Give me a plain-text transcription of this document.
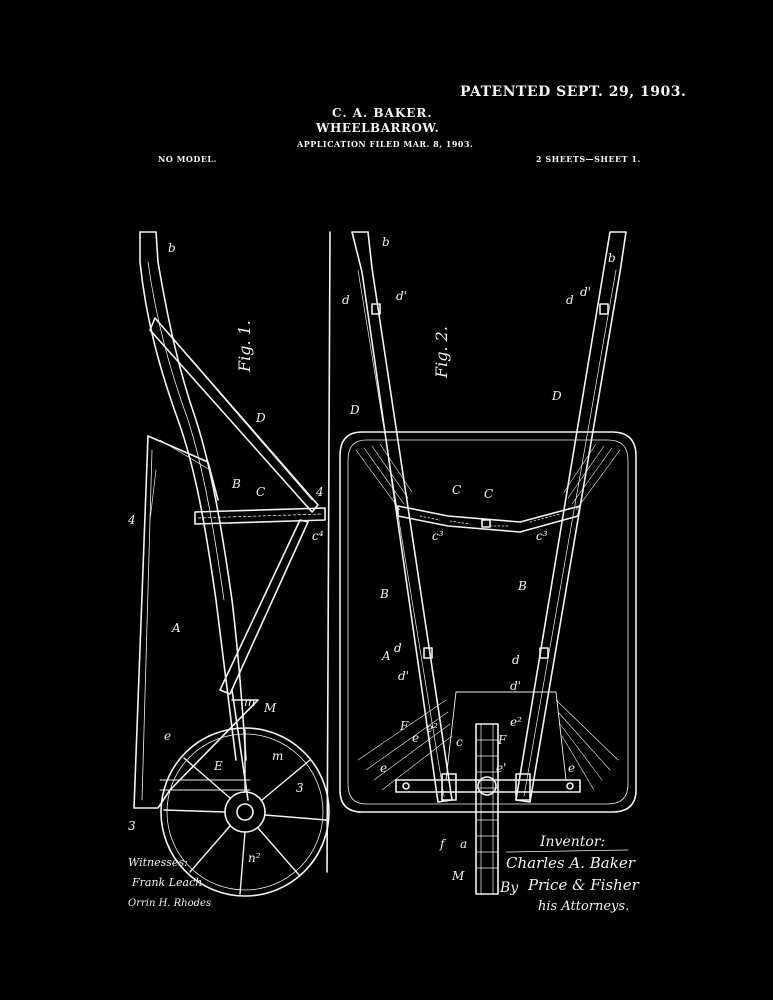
PATENTED SEPT. 29, 1903.
C. A. BAKER.
WHEELBARROW.
APPLICATION FILED MAR. 8, 1903.
NO MODEL.	2 SHEETS—SHEET 1.
b
D
B
C
4
4
c⁴
A
M
m
e
E
m
3
3
n²
b
d	d'	d
d'
b
D
D
C C
c³	c³
B
B
A
d
d'
d
d'
F
e
e²
c
e²
F
e	e'	e
f a
M
Fig. 1.	Fig. 2.
Witnesses:
Frank Leach
Orrin H. Rhodes
Inventor:
Charles A. Baker
By Price & Fisher
his Attorneys.
